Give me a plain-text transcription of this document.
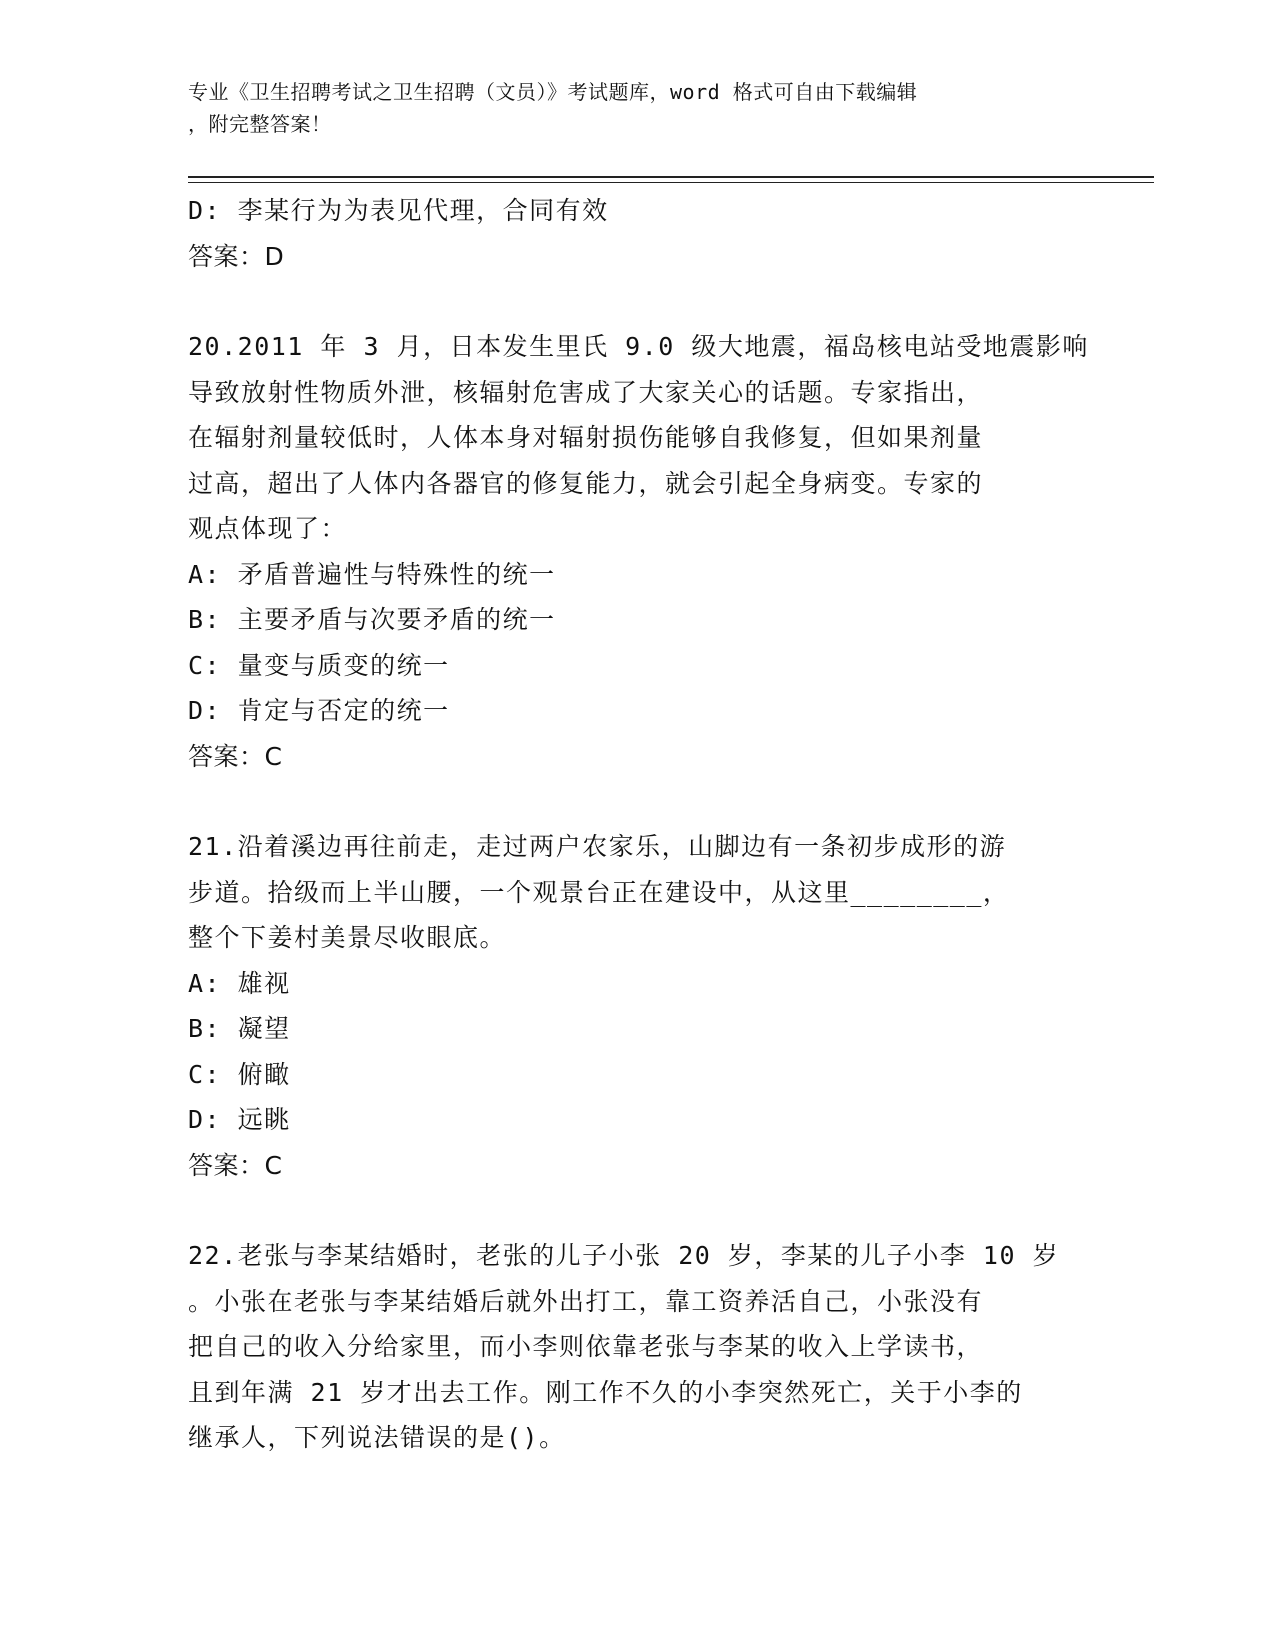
专业《卫生招聘考试之卫生招聘（文员）》考试题库，word 格式可自由下载编辑
，附完整答案！
D: 李某行为为表见代理，合同有效
答案：D
20.2011 年 3 月，日本发生里氏 9.0 级大地震，福岛核电站受地震影响
导致放射性物质外泄，核辐射危害成了大家关心的话题。专家指出，
在辐射剂量较低时，人体本身对辐射损伤能够自我修复，但如果剂量
过高，超出了人体内各器官的修复能力，就会引起全身病变。专家的
观点体现了：
A: 矛盾普遍性与特殊性的统一
B: 主要矛盾与次要矛盾的统一
C: 量变与质变的统一
D: 肯定与否定的统一
答案：C
21.沿着溪边再往前走，走过两户农家乐，山脚边有一条初步成形的游
步道。拾级而上半山腰，一个观景台正在建设中，从这里________，
整个下姜村美景尽收眼底。
A: 雄视
B: 凝望
C: 俯瞰
D: 远眺
答案：C
22.老张与李某结婚时，老张的儿子小张 20 岁，李某的儿子小李 10 岁
。小张在老张与李某结婚后就外出打工，靠工资养活自己，小张没有
把自己的收入分给家里，而小李则依靠老张与李某的收入上学读书，
且到年满 21 岁才出去工作。刚工作不久的小李突然死亡，关于小李的
继承人，下列说法错误的是()。
